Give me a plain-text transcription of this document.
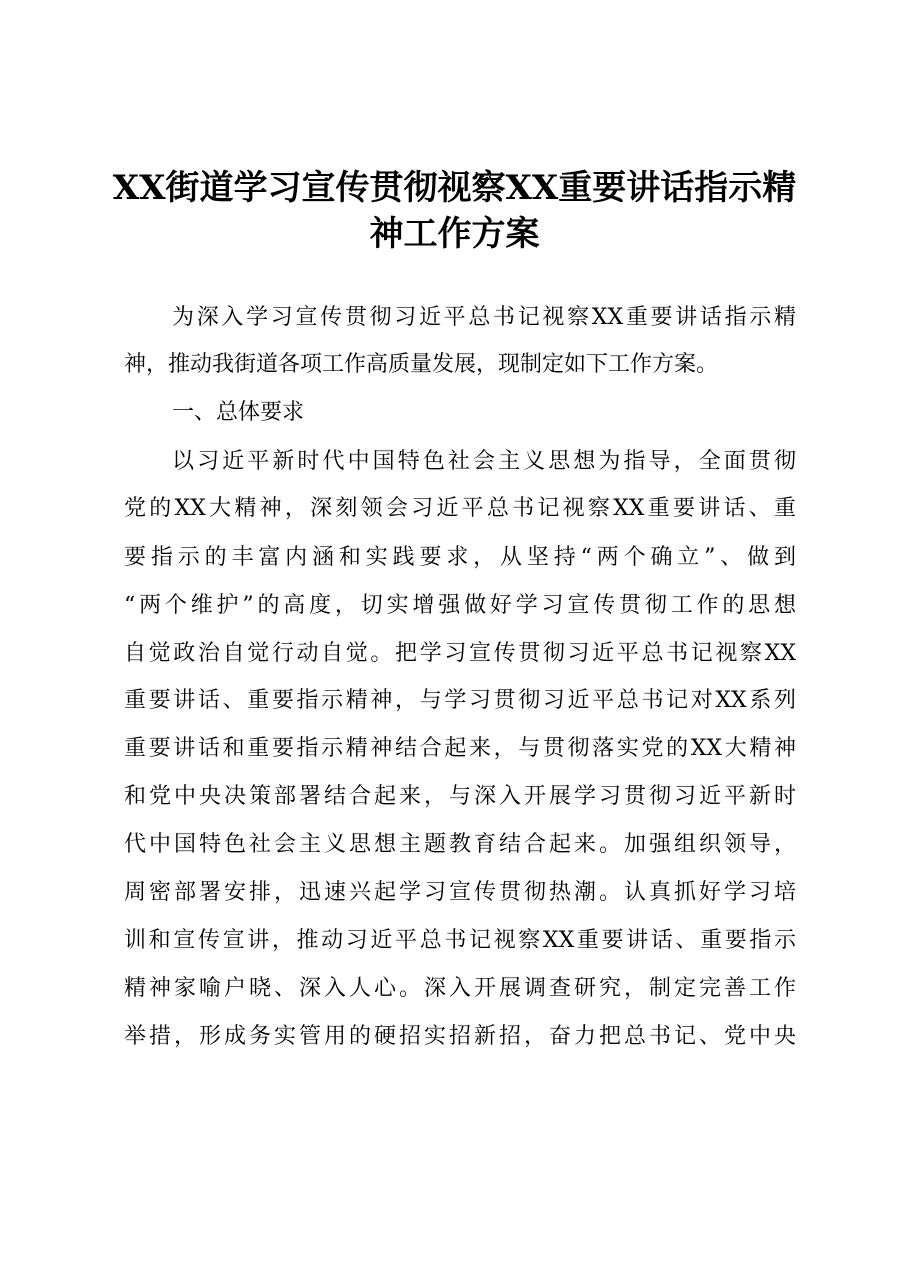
XX街道学习宣传贯彻视察XX重要讲话指示精
神工作方案
为深入学习宣传贯彻习近平总书记视察XX重要讲话指示精
神，推动我街道各项工作高质量发展，现制定如下工作方案。
一、总体要求
以习近平新时代中国特色社会主义思想为指导，全面贯彻
党的XX大精神，深刻领会习近平总书记视察XX重要讲话、重
要指示的丰富内涵和实践要求，从坚持“两个确立”、做到
“两个维护”的高度，切实增强做好学习宣传贯彻工作的思想
自觉政治自觉行动自觉。把学习宣传贯彻习近平总书记视察XX
重要讲话、重要指示精神，与学习贯彻习近平总书记对XX系列
重要讲话和重要指示精神结合起来，与贯彻落实党的XX大精神
和党中央决策部署结合起来，与深入开展学习贯彻习近平新时
代中国特色社会主义思想主题教育结合起来。加强组织领导，
周密部署安排，迅速兴起学习宣传贯彻热潮。认真抓好学习培
训和宣传宣讲，推动习近平总书记视察XX重要讲话、重要指示
精神家喻户晓、深入人心。深入开展调查研究，制定完善工作
举措，形成务实管用的硬招实招新招，奋力把总书记、党中央
